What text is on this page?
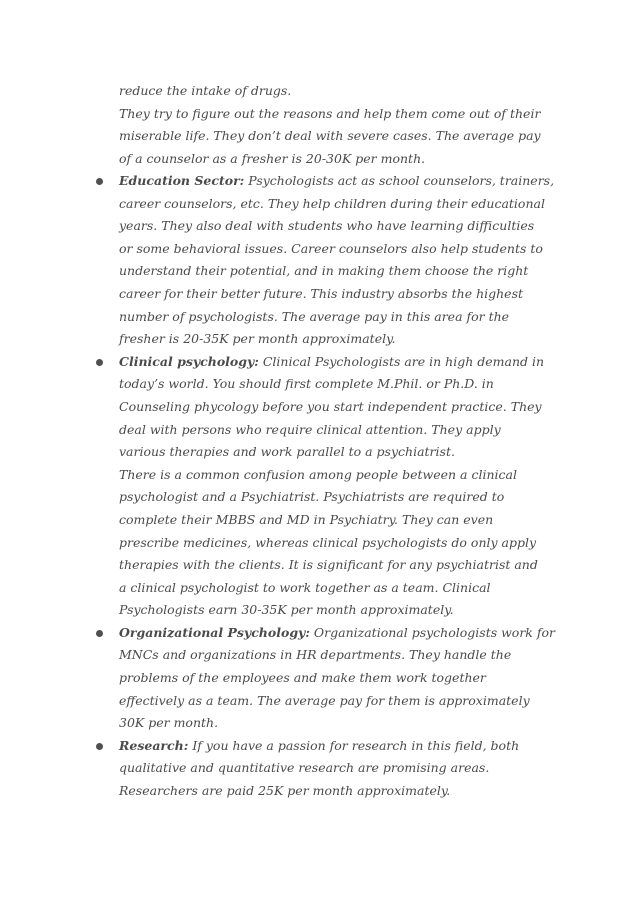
reduce the intake of drugs.
They try to figure out the reasons and help them come out of their
miserable life. They don’t deal with severe cases. The average pay
of a counselor as a fresher is 20-30K per month.
Education Sector: Psychologists act as school counselors, trainers,
career counselors, etc. They help children during their educational
years. They also deal with students who have learning difficulties
or some behavioral issues. Career counselors also help students to
understand their potential, and in making them choose the right
career for their better future. This industry absorbs the highest
number of psychologists. The average pay in this area for the
fresher is 20-35K per month approximately.
Clinical psychology: Clinical Psychologists are in high demand in
today’s world. You should first complete M.Phil. or Ph.D. in
Counseling phycology before you start independent practice. They
deal with persons who require clinical attention. They apply
various therapies and work parallel to a psychiatrist.
There is a common confusion among people between a clinical
psychologist and a Psychiatrist. Psychiatrists are required to
complete their MBBS and MD in Psychiatry. They can even
prescribe medicines, whereas clinical psychologists do only apply
therapies with the clients. It is significant for any psychiatrist and
a clinical psychologist to work together as a team. Clinical
Psychologists earn 30-35K per month approximately.
Organizational Psychology: Organizational psychologists work for
MNCs and organizations in HR departments. They handle the
problems of the employees and make them work together
effectively as a team. The average pay for them is approximately
30K per month.
Research: If you have a passion for research in this field, both
qualitative and quantitative research are promising areas.
Researchers are paid 25K per month approximately.
